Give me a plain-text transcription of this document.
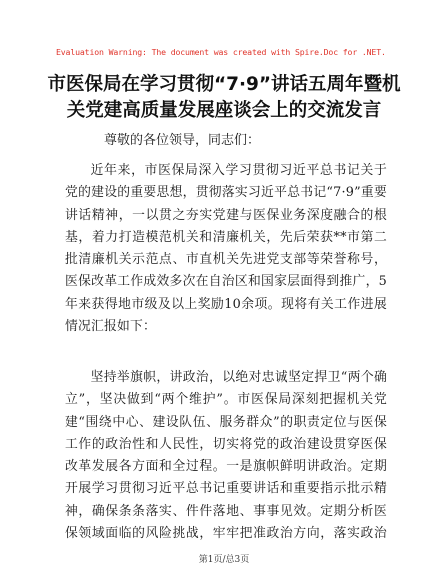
Evaluation Warning: The document was created with Spire.Doc for .NET.
市医保局在学习贯彻“7·9”讲话五周年暨机
关党建高质量发展座谈会上的交流发言
尊敬的各位领导，同志们：
近年来，市医保局深入学习贯彻习近平总书记关于党的建设的重要思想，贯彻落实习近平总书记“7·9”重要讲话精神，一以贯之夯实党建与医保业务深度融合的根基，着力打造模范机关和清廉机关，先后荣获**市第二批清廉机关示范点、市直机关先进党支部等荣誉称号，医保改革工作成效多次在自治区和国家层面得到推广，5年来获得地市级及以上奖励10余项。现将有关工作进展情况汇报如下：
坚持举旗帜，讲政治，以绝对忠诚坚定捍卫“两个确立”，坚决做到“两个维护”。市医保局深刻把握机关党建“围绕中心、建设队伍、服务群众”的职责定位与医保工作的政治性和人民性，切实将党的政治建设贯穿医保改革发展各方面和全过程。一是旗帜鲜明讲政治。定期开展学习贯彻习近平总书记重要讲话和重要指示批示精神，确保条条落实、件件落地、事事见效。定期分析医保领域面临的风险挑战，牢牢把准政治方向，落实政治
第1页/总3页
